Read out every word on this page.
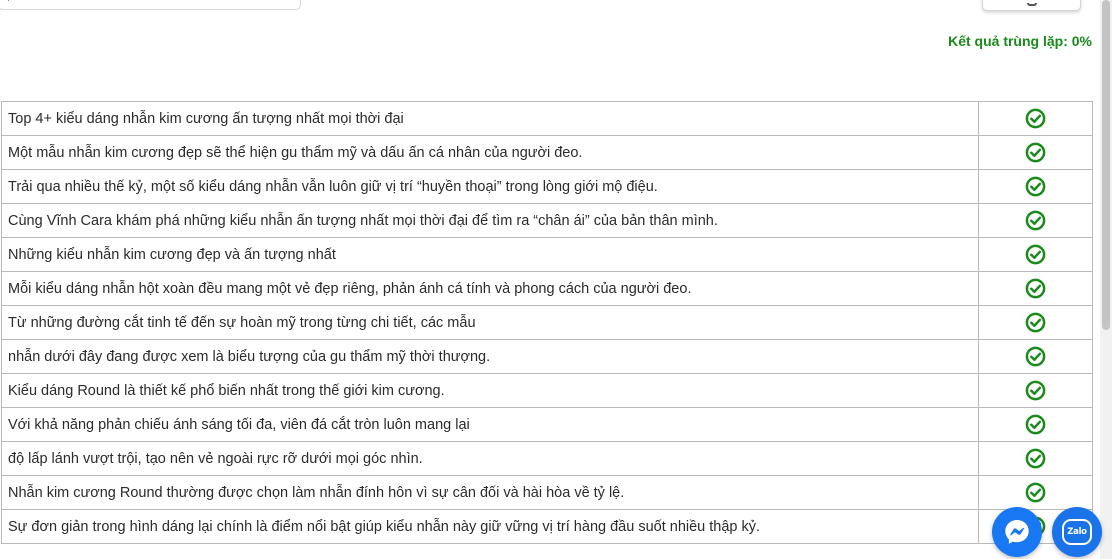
Kết quả trùng lặp: 0%
Top 4+ kiểu dáng nhẫn kim cương ấn tượng nhất mọi thời đại	
Một mẫu nhẫn kim cương đẹp sẽ thể hiện gu thẩm mỹ và dấu ấn cá nhân của người đeo.	
Trải qua nhiều thế kỷ, một số kiểu dáng nhẫn vẫn luôn giữ vị trí “huyền thoại” trong lòng giới mộ điệu.	
Cùng Vĩnh Cara khám phá những kiểu nhẫn ấn tượng nhất mọi thời đại để tìm ra “chân ái” của bản thân mình.	
Những kiểu nhẫn kim cương đẹp và ấn tượng nhất	
Mỗi kiểu dáng nhẫn hột xoàn đều mang một vẻ đẹp riêng, phản ánh cá tính và phong cách của người đeo.	
Từ những đường cắt tinh tế đến sự hoàn mỹ trong từng chi tiết, các mẫu	
nhẫn dưới đây đang được xem là biểu tượng của gu thẩm mỹ thời thượng.	
Kiểu dáng Round là thiết kế phổ biến nhất trong thế giới kim cương.	
Với khả năng phản chiếu ánh sáng tối đa, viên đá cắt tròn luôn mang lại	
độ lấp lánh vượt trội, tạo nên vẻ ngoài rực rỡ dưới mọi góc nhìn.	
Nhẫn kim cương Round thường được chọn làm nhẫn đính hôn vì sự cân đối và hài hòa về tỷ lệ.	
Sự đơn giản trong hình dáng lại chính là điểm nổi bật giúp kiểu nhẫn này giữ vững vị trí hàng đầu suốt nhiều thập kỷ.		Zalo
